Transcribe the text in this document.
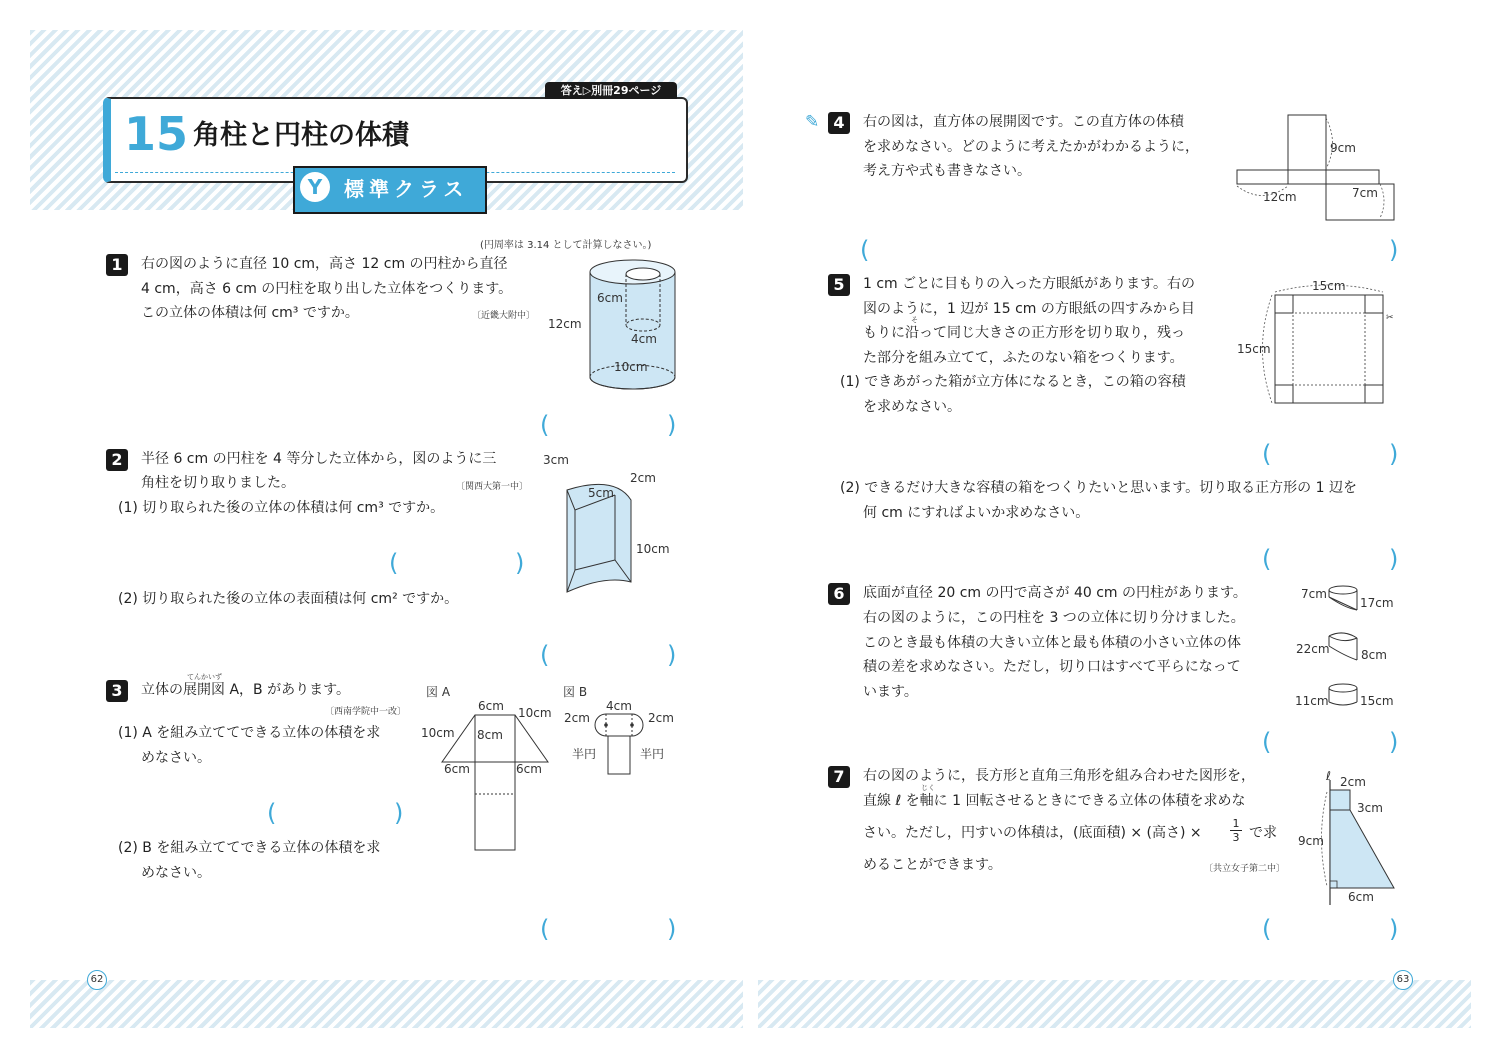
答え▷別冊29ページ
15 角柱と円柱の体積
Y	標準クラス
(円周率は 3.14 として計算しなさい。)
1	右の図のように直径 10 cm，高さ 12 cm の円柱から直径
4 cm，高さ 6 cm の円柱を取り出した立体をつくります。
この立体の体積は何 cm³ ですか。	〔近畿大附中〕
6cm
12cm
4cm
10cm
(	)
2	半径 6 cm の円柱を 4 等分した立体から，図のように三
角柱を切り取りました。	〔関西大第一中〕
(1) 切り取られた後の立体の体積は何 cm³ ですか。
(	)
(2) 切り取られた後の立体の表面積は何 cm² ですか。
3cm
2cm
5cm
10cm
(	)
3
てんかいず
立体の展開図 A，B があります。
〔西南学院中一改〕
(1) A を組み立ててできる立体の体積を求
めなさい。
(	)
(2) B を組み立ててできる立体の体積を求
めなさい。
図 A	図 B
6cm 10cm
10cm 8cm
6cm	6cm
4cm
2cm	2cm
半円	半円
(	)
62	63
✎ 4	右の図は，直方体の展開図です。この直方体の体積
を求めなさい。どのように考えたかがわかるように，
考え方や式も書きなさい。
9cm
12cm	7cm
(	)
5	1 cm ごとに目もりの入った方眼紙があります。右の
図のように，1 辺が 15 cm の方眼紙の四すみから目
そ
もりに沿って同じ大きさの正方形を切り取り，残っ
た部分を組み立てて，ふたのない箱をつくります。
(1) できあがった箱が立方体になるとき，この箱の容積
を求めなさい。
✂
15cm
15cm
(	)
(2) できるだけ大きな容積の箱をつくりたいと思います。切り取る正方形の 1 辺を
何 cm にすればよいか求めなさい。
(	)
6	底面が直径 20 cm の円で高さが 40 cm の円柱があります。
右の図のように，この円柱を 3 つの立体に切り分けました。
このとき最も体積の大きい立体と最も体積の小さい立体の体
積の差を求めなさい。ただし，切り口はすべて平らになって
います。
7cm
17cm
22cm	8cm
11cm	15cm
(	)
7	右の図のように，長方形と直角三角形を組み合わせた図形を，
じく
直線 ℓ を軸に 1 回転させるときにできる立体の体積を求めな
さい。ただし，円すいの体積は，(底面積) × (高さ) ×	$\frac{1}{3}$ で求
めることができます。	〔共立女子第二中〕
ℓ 2cm
3cm
9cm
6cm
(	)
